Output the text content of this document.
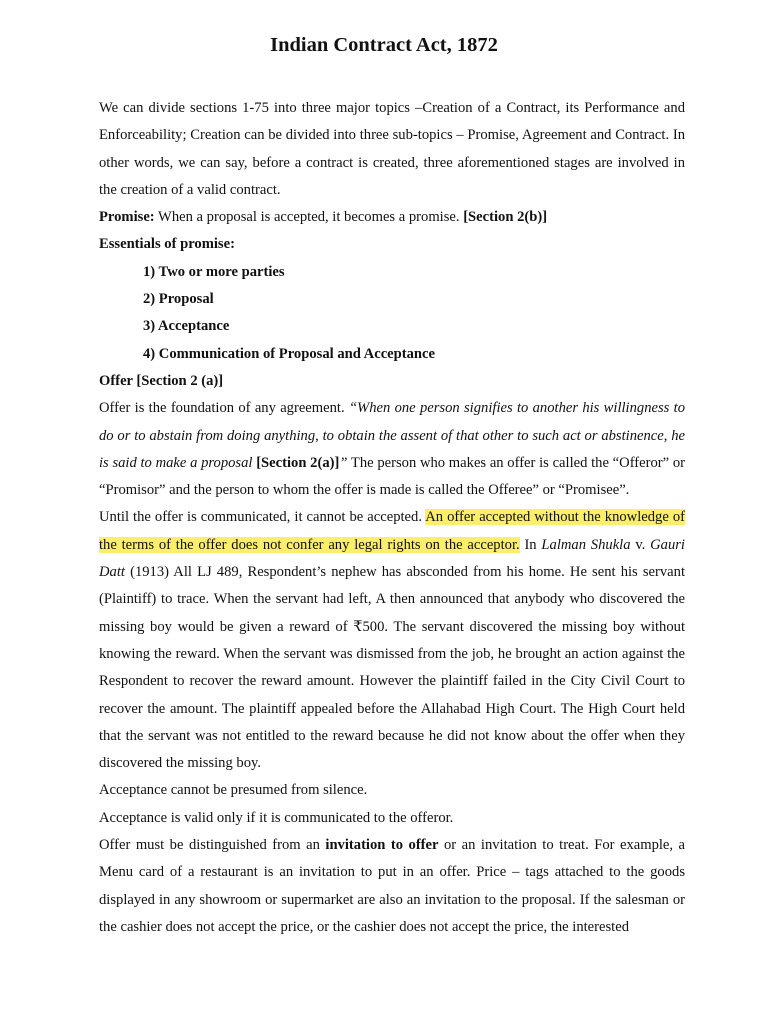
Indian Contract Act, 1872

We can divide sections 1-75 into three major topics –Creation of a Contract, its Performance and Enforceability; Creation can be divided into three sub-topics – Promise, Agreement and Contract. In other words, we can say, before a contract is created, three aforementioned stages are involved in the creation of a valid contract.

Promise: When a proposal is accepted, it becomes a promise. [Section 2(b)]

Essentials of promise:

1) Two or more parties

2) Proposal

3) Acceptance

4) Communication of Proposal and Acceptance

Offer [Section 2 (a)]

Offer is the foundation of any agreement. “When one person signifies to another his willingness to do or to abstain from doing anything, to obtain the assent of that other to such act or abstinence, he is said to make a proposal [Section 2(a)]” The person who makes an offer is called the “Offeror” or “Promisor” and the person to whom the offer is made is called the Offeree” or “Promisee”.

Until the offer is communicated, it cannot be accepted. An offer accepted without the knowledge of the terms of the offer does not confer any legal rights on the acceptor. In Lalman Shukla v. Gauri Datt (1913) All LJ 489, Respondent’s nephew has absconded from his home. He sent his servant (Plaintiff) to trace. When the servant had left, A then announced that anybody who discovered the missing boy would be given a reward of ₹500. The servant discovered the missing boy without knowing the reward. When the servant was dismissed from the job, he brought an action against the Respondent to recover the reward amount. However the plaintiff failed in the City Civil Court to recover the amount. The plaintiff appealed before the Allahabad High Court. The High Court held that the servant was not entitled to the reward because he did not know about the offer when they discovered the missing boy.

Acceptance cannot be presumed from silence.

Acceptance is valid only if it is communicated to the offeror.

Offer must be distinguished from an invitation to offer or an invitation to treat. For example, a Menu card of a restaurant is an invitation to put in an offer. Price – tags attached to the goods displayed in any showroom or supermarket are also an invitation to the proposal. If the salesman or the cashier does not accept the price, or the cashier does not accept the price, the interested
